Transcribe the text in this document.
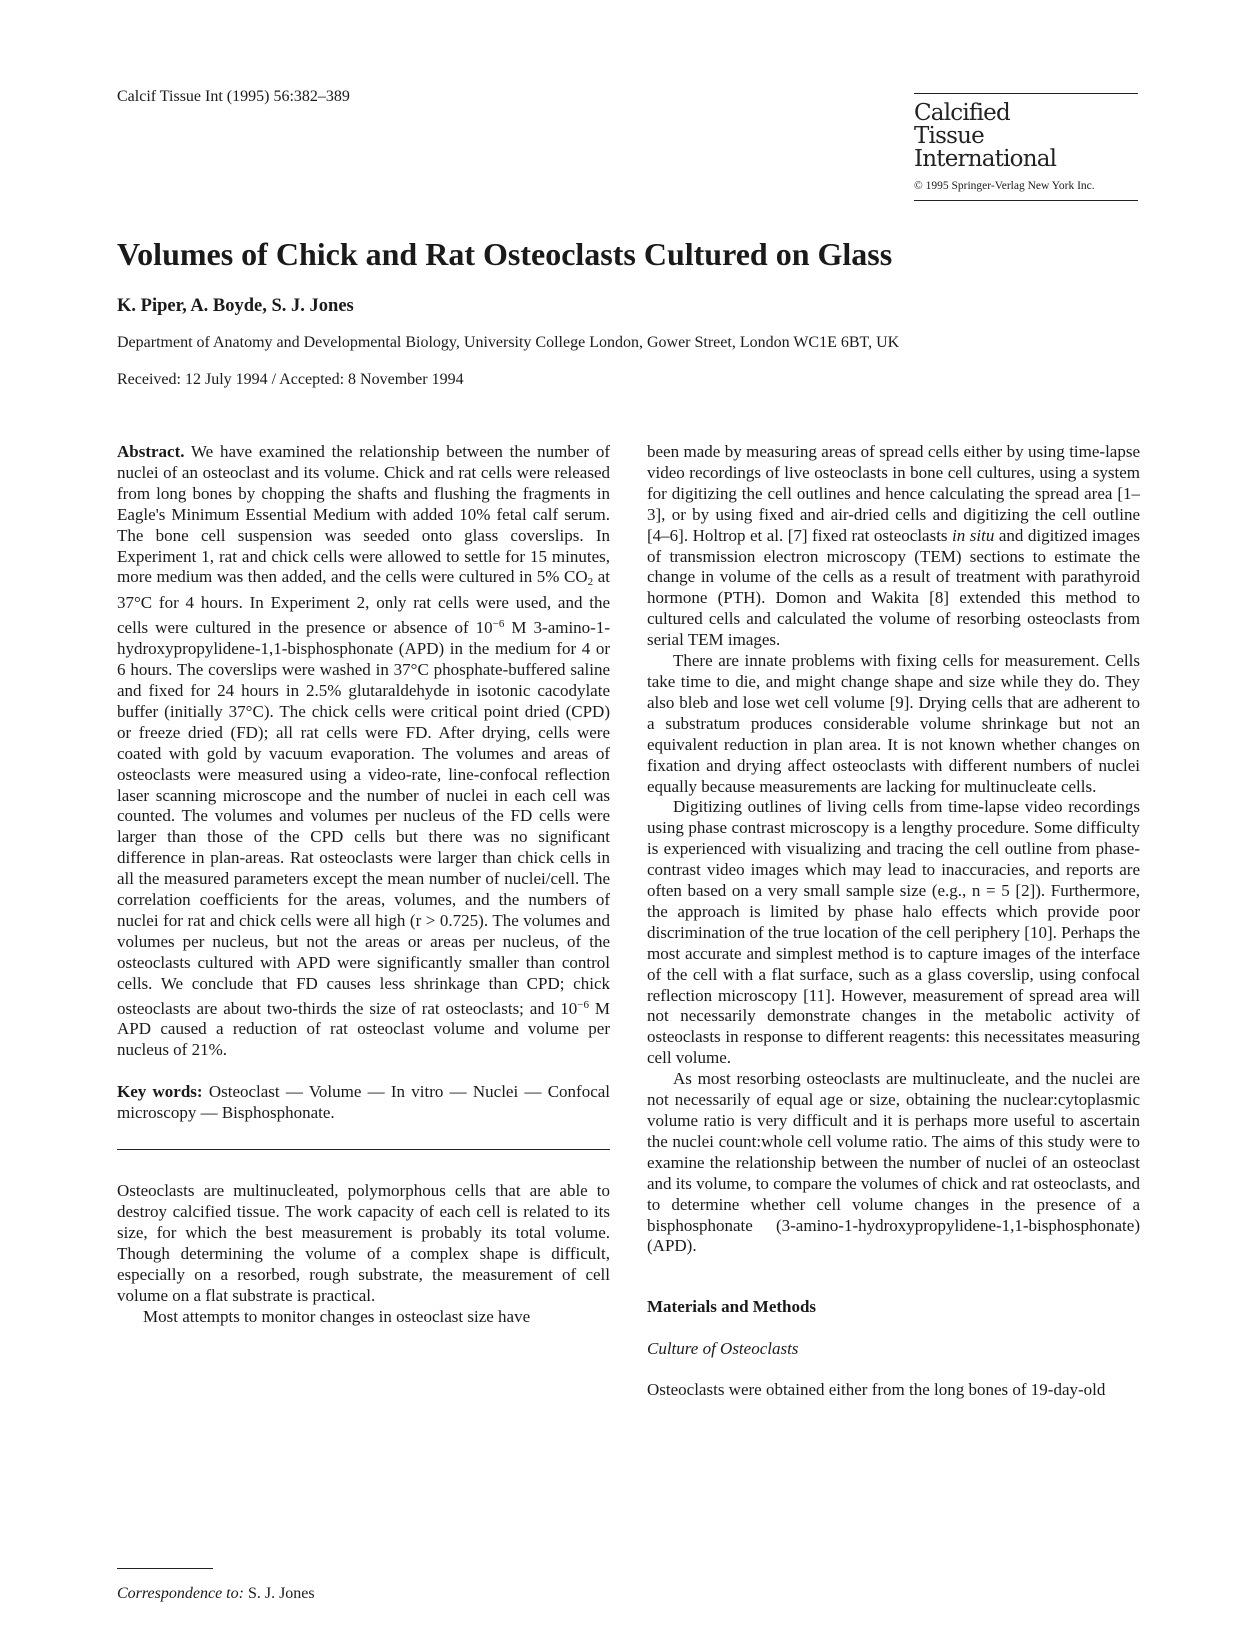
Calcif Tissue Int (1995) 56:382–389
Calcified
Tissue
International
© 1995 Springer-Verlag New York Inc.
Volumes of Chick and Rat Osteoclasts Cultured on Glass
K. Piper, A. Boyde, S. J. Jones
Department of Anatomy and Developmental Biology, University College London, Gower Street, London WC1E 6BT, UK
Received: 12 July 1994 / Accepted: 8 November 1994

Abstract. We have examined the relationship between the number of nuclei of an osteoclast and its volume. Chick and rat cells were released from long bones by chopping the shafts and flushing the fragments in Eagle's Minimum Essential Medium with added 10% fetal calf serum. The bone cell suspension was seeded onto glass coverslips. In Experiment 1, rat and chick cells were allowed to settle for 15 minutes, more medium was then added, and the cells were cultured in 5% $CO_2$ at 37°C for 4 hours. In Experiment 2, only rat cells were used, and the cells were cultured in the presence or absence of $10^{-6}$ M 3-amino-1-hydroxypropylidene-1,1-bisphosphonate (APD) in the medium for 4 or 6 hours. The coverslips were washed in 37°C phosphate-buffered saline and fixed for 24 hours in 2.5% glutaraldehyde in isotonic cacodylate buffer (initially 37°C). The chick cells were critical point dried (CPD) or freeze dried (FD); all rat cells were FD. After drying, cells were coated with gold by vacuum evaporation. The volumes and areas of osteoclasts were measured using a video-rate, line-confocal reflection laser scanning microscope and the number of nuclei in each cell was counted. The volumes and volumes per nucleus of the FD cells were larger than those of the CPD cells but there was no significant difference in plan-areas. Rat osteoclasts were larger than chick cells in all the measured parameters except the mean number of nuclei/cell. The correlation coefficients for the areas, volumes, and the numbers of nuclei for rat and chick cells were all high (r > 0.725). The volumes and volumes per nucleus, but not the areas or areas per nucleus, of the osteoclasts cultured with APD were significantly smaller than control cells. We conclude that FD causes less shrinkage than CPD; chick osteoclasts are about two-thirds the size of rat osteoclasts; and $10^{-6}$ M APD caused a reduction of rat osteoclast volume and volume per nucleus of 21%.

Key words: Osteoclast — Volume — In vitro — Nuclei — Confocal microscopy — Bisphosphonate.

Osteoclasts are multinucleated, polymorphous cells that are able to destroy calcified tissue. The work capacity of each cell is related to its size, for which the best measurement is probably its total volume. Though determining the volume of a complex shape is difficult, especially on a resorbed, rough substrate, the measurement of cell volume on a flat substrate is practical.

Most attempts to monitor changes in osteoclast size have

Correspondence to: S. J. Jones

been made by measuring areas of spread cells either by using time-lapse video recordings of live osteoclasts in bone cell cultures, using a system for digitizing the cell outlines and hence calculating the spread area [1–3], or by using fixed and air-dried cells and digitizing the cell outline [4–6]. Holtrop et al. [7] fixed rat osteoclasts in situ and digitized images of transmission electron microscopy (TEM) sections to estimate the change in volume of the cells as a result of treatment with parathyroid hormone (PTH). Domon and Wakita [8] extended this method to cultured cells and calculated the volume of resorbing osteoclasts from serial TEM images.

There are innate problems with fixing cells for measurement. Cells take time to die, and might change shape and size while they do. They also bleb and lose wet cell volume [9]. Drying cells that are adherent to a substratum produces considerable volume shrinkage but not an equivalent reduction in plan area. It is not known whether changes on fixation and drying affect osteoclasts with different numbers of nuclei equally because measurements are lacking for multinucleate cells.

Digitizing outlines of living cells from time-lapse video recordings using phase contrast microscopy is a lengthy procedure. Some difficulty is experienced with visualizing and tracing the cell outline from phase-contrast video images which may lead to inaccuracies, and reports are often based on a very small sample size (e.g., n = 5 [2]). Furthermore, the approach is limited by phase halo effects which provide poor discrimination of the true location of the cell periphery [10]. Perhaps the most accurate and simplest method is to capture images of the interface of the cell with a flat surface, such as a glass coverslip, using confocal reflection microscopy [11]. However, measurement of spread area will not necessarily demonstrate changes in the metabolic activity of osteoclasts in response to different reagents: this necessitates measuring cell volume.

As most resorbing osteoclasts are multinucleate, and the nuclei are not necessarily of equal age or size, obtaining the nuclear:cytoplasmic volume ratio is very difficult and it is perhaps more useful to ascertain the nuclei count:whole cell volume ratio. The aims of this study were to examine the relationship between the number of nuclei of an osteoclast and its volume, to compare the volumes of chick and rat osteoclasts, and to determine whether cell volume changes in the presence of a bisphosphonate (3-amino-1-hydroxypropylidene-1,1-bisphosphonate) (APD).

Materials and Methods

Culture of Osteoclasts

Osteoclasts were obtained either from the long bones of 19-day-old
